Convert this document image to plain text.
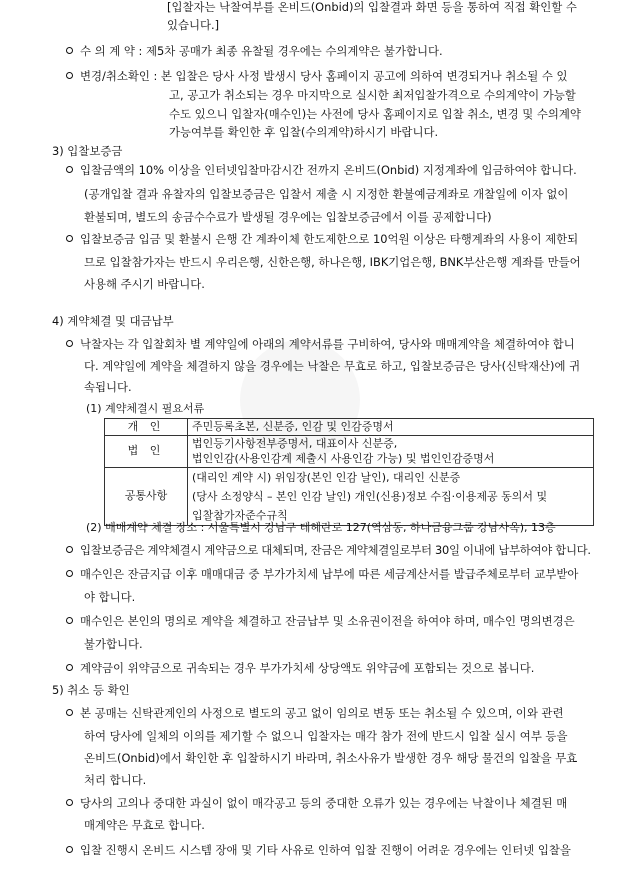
[입찰자는 낙찰여부를 온비드(Onbid)의 입찰결과 화면 등을 통하여 직접 확인할 수
있습니다.]
수 의 계 약 : 제5차 공매가 최종 유찰될 경우에는 수의계약은 불가합니다.
변경/취소확인 : 본 입찰은 당사 사정 발생시 당사 홈페이지 공고에 의하여 변경되거나 취소될 수 있
고, 공고가 취소되는 경우 마지막으로 실시한 최저입찰가격으로 수의계약이 가능할
수도 있으니 입찰자(매수인)는 사전에 당사 홈페이지로 입찰 취소, 변경 및 수의계약
가능여부를 확인한 후 입찰(수의계약)하시기 바랍니다.
3) 입찰보증금
입찰금액의 10% 이상을 인터넷입찰마감시간 전까지 온비드(Onbid) 지정계좌에 입금하여야 합니다.
(공개입찰 결과 유찰자의 입찰보증금은 입찰서 제출 시 지정한 환불예금계좌로 개찰일에 이자 없이
환불되며, 별도의 송금수수료가 발생될 경우에는 입찰보증금에서 이를 공제합니다)
입찰보증금 입금 및 환불시 은행 간 계좌이체 한도제한으로 10억원 이상은 타행계좌의 사용이 제한되
므로 입찰참가자는 반드시 우리은행, 신한은행, 하나은행, IBK기업은행, BNK부산은행 계좌를 만들어
사용해 주시기 바랍니다.
4) 계약체결 및 대금납부
낙찰자는 각 입찰회차 별 계약일에 아래의 계약서류를 구비하여, 당사와 매매계약을 체결하여야 합니
다. 계약일에 계약을 체결하지 않을 경우에는 낙찰은 무효로 하고, 입찰보증금은 당사(신탁재산)에 귀
속됩니다.
(1) 계약체결시 필요서류
개 인	주민등록초본, 신분증, 인감 및 인감증명서
법 인	법인등기사항전부증명서, 대표이사 신분증,
법인인감(사용인감계 제출시 사용인감 가능) 및 법인인감증명서

공통사항	(대리인 계약 시) 위임장(본인 인감 날인), 대리인 신분증
(당사 소정양식 – 본인 인감 날인) 개인(신용)정보 수집·이용제공 동의서 및
입찰참가자준수규칙
(2) 매매계약 체결 장소 : 서울특별시 강남구 테헤란로 127(역삼동, 하나금융그룹 강남사옥), 13층
입찰보증금은 계약체결시 계약금으로 대체되며, 잔금은 계약체결일로부터 30일 이내에 납부하여야 합니다.
매수인은 잔금지급 이후 매매대금 중 부가가치세 납부에 따른 세금계산서를 발급주체로부터 교부받아
야 합니다.
매수인은 본인의 명의로 계약을 체결하고 잔금납부 및 소유권이전을 하여야 하며, 매수인 명의변경은
불가합니다.
계약금이 위약금으로 귀속되는 경우 부가가치세 상당액도 위약금에 포함되는 것으로 봅니다.
5) 취소 등 확인
본 공매는 신탁관계인의 사정으로 별도의 공고 없이 임의로 변동 또는 취소될 수 있으며, 이와 관련
하여 당사에 일체의 이의를 제기할 수 없으니 입찰자는 매각 참가 전에 반드시 입찰 실시 여부 등을
온비드(Onbid)에서 확인한 후 입찰하시기 바라며, 취소사유가 발생한 경우 해당 물건의 입찰을 무효
처리 합니다.
당사의 고의나 중대한 과실이 없이 매각공고 등의 중대한 오류가 있는 경우에는 낙찰이나 체결된 매
매계약은 무효로 합니다.
입찰 진행시 온비드 시스템 장애 및 기타 사유로 인하여 입찰 진행이 어려운 경우에는 인터넷 입찰을
